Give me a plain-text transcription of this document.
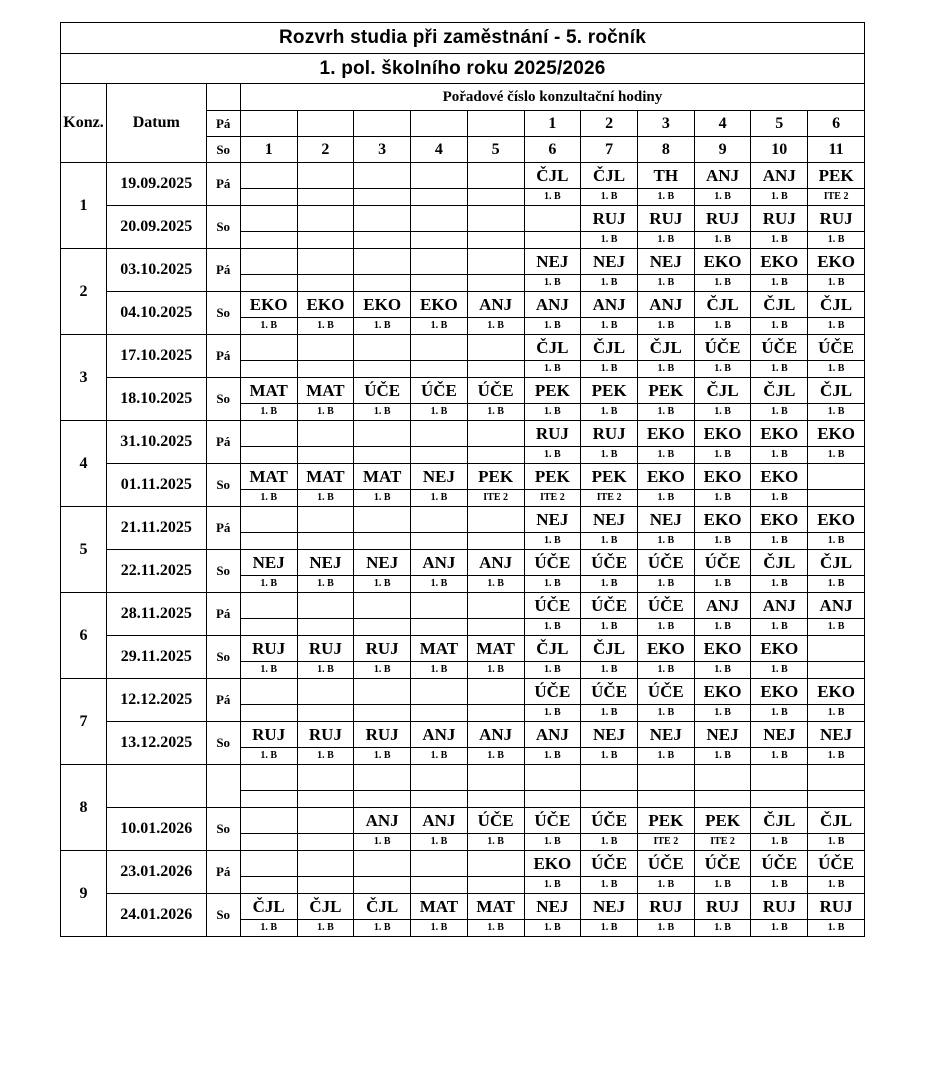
Rozvrh studia při zaměstnání - 5. ročník													
1. pol. školního roku 2025/2026													
Konz.	Datum		Pořadové číslo konzultační hodiny										
		Pá						1	2	3	4	5	6
		So	1	2	3	4	5	6	7	8	9	10	11
1	19.09.2025	Pá						ČJL	ČJL	TH	ANJ	ANJ	PEK
								1. B	1. B	1. B	1. B	1. B	ITE 2
	20.09.2025	So							RUJ	RUJ	RUJ	RUJ	RUJ
									1. B	1. B	1. B	1. B	1. B
2	03.10.2025	Pá						NEJ	NEJ	NEJ	EKO	EKO	EKO
								1. B	1. B	1. B	1. B	1. B	1. B
	04.10.2025	So	EKO	EKO	EKO	EKO	ANJ	ANJ	ANJ	ANJ	ČJL	ČJL	ČJL
			1. B	1. B	1. B	1. B	1. B	1. B	1. B	1. B	1. B	1. B	1. B
3	17.10.2025	Pá						ČJL	ČJL	ČJL	ÚČE	ÚČE	ÚČE
								1. B	1. B	1. B	1. B	1. B	1. B
	18.10.2025	So	MAT	MAT	ÚČE	ÚČE	ÚČE	PEK	PEK	PEK	ČJL	ČJL	ČJL
			1. B	1. B	1. B	1. B	1. B	1. B	1. B	1. B	1. B	1. B	1. B
4	31.10.2025	Pá						RUJ	RUJ	EKO	EKO	EKO	EKO
								1. B	1. B	1. B	1. B	1. B	1. B
	01.11.2025	So	MAT	MAT	MAT	NEJ	PEK	PEK	PEK	EKO	EKO	EKO	
			1. B	1. B	1. B	1. B	ITE 2	ITE 2	ITE 2	1. B	1. B	1. B	
5	21.11.2025	Pá						NEJ	NEJ	NEJ	EKO	EKO	EKO
								1. B	1. B	1. B	1. B	1. B	1. B
	22.11.2025	So	NEJ	NEJ	NEJ	ANJ	ANJ	ÚČE	ÚČE	ÚČE	ÚČE	ČJL	ČJL
			1. B	1. B	1. B	1. B	1. B	1. B	1. B	1. B	1. B	1. B	1. B
6	28.11.2025	Pá						ÚČE	ÚČE	ÚČE	ANJ	ANJ	ANJ
								1. B	1. B	1. B	1. B	1. B	1. B
	29.11.2025	So	RUJ	RUJ	RUJ	MAT	MAT	ČJL	ČJL	EKO	EKO	EKO	
			1. B	1. B	1. B	1. B	1. B	1. B	1. B	1. B	1. B	1. B	
7	12.12.2025	Pá						ÚČE	ÚČE	ÚČE	EKO	EKO	EKO
								1. B	1. B	1. B	1. B	1. B	1. B
	13.12.2025	So	RUJ	RUJ	RUJ	ANJ	ANJ	ANJ	NEJ	NEJ	NEJ	NEJ	NEJ
			1. B	1. B	1. B	1. B	1. B	1. B	1. B	1. B	1. B	1. B	1. B
8													

	10.01.2026	So			ANJ	ANJ	ÚČE	ÚČE	ÚČE	PEK	PEK	ČJL	ČJL
					1. B	1. B	1. B	1. B	1. B	ITE 2	ITE 2	1. B	1. B
9	23.01.2026	Pá						EKO	ÚČE	ÚČE	ÚČE	ÚČE	ÚČE
								1. B	1. B	1. B	1. B	1. B	1. B
	24.01.2026	So	ČJL	ČJL	ČJL	MAT	MAT	NEJ	NEJ	RUJ	RUJ	RUJ	RUJ
			1. B	1. B	1. B	1. B	1. B	1. B	1. B	1. B	1. B	1. B	1. B
